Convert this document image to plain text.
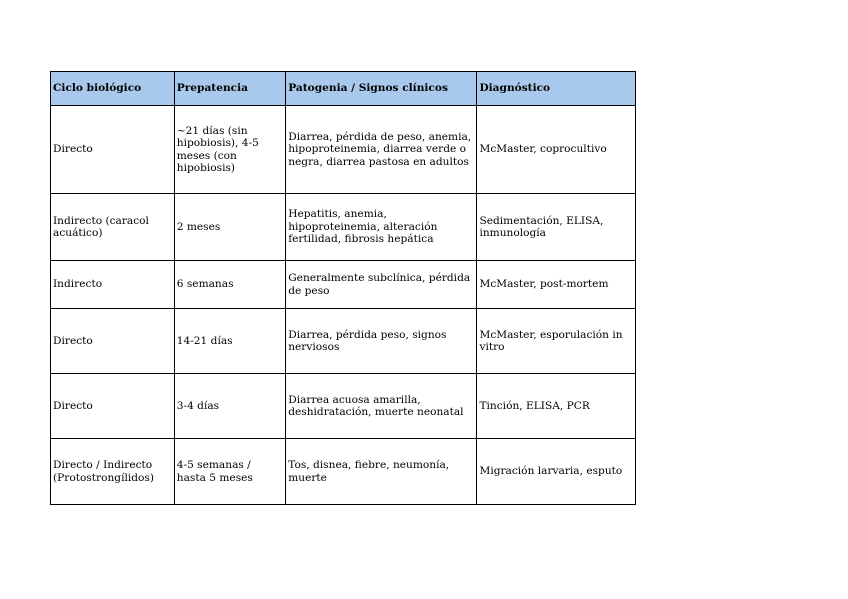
Ciclo biológico	Prepatencia	Patogenia / Signos clínicos	Diagnóstico
Directo	~21 días (sin hipobiosis), 4-5 meses (con hipobiosis)	Diarrea, pérdida de peso, anemia, hipoproteinemia, diarrea verde o negra, diarrea pastosa en adultos	McMaster, coprocultivo
Indirecto (caracol acuático)	2 meses	Hepatitis, anemia, hipoproteinemia, alteración fertilidad, fibrosis hepática	Sedimentación, ELISA, inmunología
Indirecto	6 semanas	Generalmente subclínica, pérdida de peso	McMaster, post-mortem
Directo	14-21 días	Diarrea, pérdida peso, signos nerviosos	McMaster, esporulación in vitro
Directo	3-4 días	Diarrea acuosa amarilla, deshidratación, muerte neonatal	Tinción, ELISA, PCR
Directo / Indirecto (Protostrongílidos)	4-5 semanas / hasta 5 meses	Tos, disnea, fiebre, neumonía, muerte	Migración larvaria, esputo
